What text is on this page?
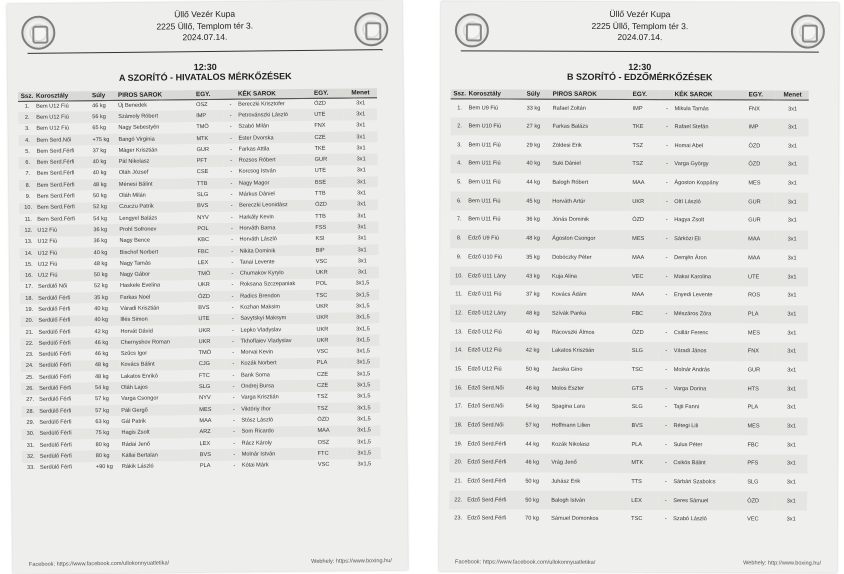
Üllő Vezér Kupa
2225 Üllő, Templom tér 3.
2024.07.14.
12:30
A SZORÍTÓ - HIVATALOS MÉRKŐZÉSEK
Ssz.	Korosztály	Súly	PIROS SAROK	EGY.		KÉK SAROK	EGY.	Menet
1.	Bem U12 Fiú	46 kg	Új Benedek	OSZ	-	Bereczki Krisztofer	ÓZD	3x1
2.	Bem U12 Fiú	56 kg	Számoly Róbert	IMP	-	Petrovánszki László	UTE	3x1
3.	Bem U12 Fiú	65 kg	Nagy Sebestyén	TMÖ	-	Szabó Milán	FNX	3x1
4.	Bem Serd.Női	+75 kg	Bangó Virginia	MTK	-	Ester Dvorska	CZE	3x1
5.	Bem Serd.Férfi	37 kg	Máger Krisztián	GUR	-	Farkas Attila	TKE	3x1
6.	Bem Serd.Férfi	40 kg	Pál Nikolasz	PFT	-	Rozsos Róbert	GUR	3x1
7.	Bem Serd.Férfi	40 kg	Oláh József	CSE	-	Korcsog István	UTE	3x1
8.	Bem Serd.Férfi	48 kg	Ménesi Bálint	TTB	-	Nagy Magor	BSE	3x1
9.	Bem Serd.Férfi	50 kg	Oláh Milán	SLG	-	Márkus Dániel	TTB	3x1
10.	Bem Serd.Férfi	52 kg	Czuczu Patrik	BVS	-	Bereczki Leonidász	ÓZD	3x1
11.	Bem Serd.Férfi	54 kg	Lengyel Balázs	NYV	-	Harkály Kevin	TTB	3x1
12.	U12 Fiú	36 kg	Prohl Sofronev	POL	-	Horváth Barna	FSS	3x1
13.	U12 Fiú	36 kg	Nagy Bence	KBC	-	Horváth László	KSI	3x1
14.	U12 Fiú	40 kg	Bischof Norbert	FBC	-	Nikita Dominik	BIP	3x1
15.	U12 Fiú	48 kg	Nagy Tamás	LEX	-	Tanai Levente	VSC	3x1
16.	U12 Fiú	50 kg	Nagy Gábor	TMÖ	-	Chumakov Kyrylo	UKR	3x1
17.	Serdülő Női	52 kg	Haskele Evelina	UKR	-	Roksana Szczepaniak	POL	3x1,5
18.	Serdülő Férfi	35 kg	Farkas Noel	ÓZD	-	Radics Brendon	TSC	3x1,5
19.	Serdülő Férfi	40 kg	Váradi Krisztián	BVS	-	Kozhan Maksim	UKR	3x1,5
20.	Serdülő Férfi	40 kg	Illés Simon	UTE	-	Savytskyi Maksym	UKR	3x1,5
21.	Serdülő Férfi	42 kg	Horvát Dávid	UKR	-	Lepko Vladyslav	UKR	3x1,5
22.	Serdülő Férfi	46 kg	Chernyshov Roman	UKR	-	Tkhoflaiev Vladyslav	UKR	3x1,5
23.	Serdülő Férfi	46 kg	Szűcs Igor	TMÖ	-	Morvai Kevin	VSC	3x1,5
24.	Serdülő Férfi	48 kg	Kovács Bálint	CJG	-	Kozák Norbert	PLA	3x1,5
25.	Serdülő Férfi	48 kg	Lakatos Enrikó	FTC	-	Bank Soma	CZE	3x1,5
26.	Serdülő Férfi	54 kg	Oláh Lajos	SLG	-	Ondrej Bursa	CZE	3x1,5
27.	Serdülő Férfi	57 kg	Varga Csongor	NYV	-	Varga Krisztián	TSZ	3x1,5
28.	Serdülő Férfi	57 kg	Páli Gergő	MES	-	Viktóriy Ihor	TSZ	3x1,5
29.	Serdülő Férfi	63 kg	Gál Patrik	MAA	-	Stósz László	ÓZD	3x1,5
30.	Serdülő Férfi	75 kg	Hagis Zsolt	ARZ	-	Som Ricardo	MAA	3x1,5
31.	Serdülő Férfi	80 kg	Rádai Jenő	LEX	-	Rácz Károly	OSZ	3x1,5
32.	Serdülő Férfi	80 kg	Kállai Bertalan	BVS	-	Molnár István	FTC	3x1,5
33.	Serdülő Férfi	+90 kg	Rákik László	PLA	-	Kótai Márk	VSC	3x1,5
Facebook: https://www.facebook.com/ullokonnyuatletika/	Webhely: https://www.boxing.hu/
Üllő Vezér Kupa
2225 Üllő, Templom tér 3.
2024.07.14.
12:30
B SZORÍTÓ - EDZŐMÉRKŐZÉSEK
Ssz.	Korosztály	Súly	PIROS SAROK	EGY.		KÉK SAROK	EGY.	Menet
1.	Bem U9 Fiú	33 kg	Rafael Zoltán	IMP	-	Mikula Tamás	FNX	3x1
2.	Bem U10 Fiú	27 kg	Farkas Balázs	TKE	-	Rafael Stefán	IMP	3x1
3.	Bem U11 Fiú	29 kg	Zöldesi Erik	TSZ	-	Homai Abel	ÓZD	3x1
4.	Bem U11 Fiú	40 kg	Suki Dániel	TSZ	-	Varga György	ÓZD	3x1
5.	Bem U11 Fiú	44 kg	Balogh Róbert	MAA	-	Ágoston Koppány	MES	3x1
6.	Bem U11 Fiú	45 kg	Horváth Artúr	UKR	-	Oltí László	GUR	3x1
7.	Bem U11 Fiú	36 kg	Jónás Dominik	ÓZD	-	Hagya Zsolt	GUR	3x1
8.	Edző U9 Fiú	48 kg	Ágoston Csongor	MES	-	Sárközi Eli	MAA	3x1
9.	Edző U10 Fiú	35 kg	Dobóczky Péter	MAA	-	Demjén Áron	MAA	3x1
10.	Edző U11 Lány	43 kg	Kuja Alina	VEC	-	Makai Karolina	UTE	3x1
11.	Edző U11 Fiú	37 kg	Kovács Ádám	MAA	-	Enyedi Levente	ROS	3x1
12.	Edző U12 Lány	48 kg	Szívák Panka	FBC	-	Mészáros Zóra	PLA	3x1
13.	Edző U12 Fiú	40 kg	Rácovszki Álmos	ÓZD	-	Csillár Ferenc	MES	3x1
14.	Edző U12 Fiú	42 kg	Lakatos Krisztián	SLG	-	Váradi János	FNX	3x1
15.	Edző U12 Fiú	50 kg	Jacska Gino	TSC	-	Molnár András	GUR	3x1
16.	Edző Serd.Női	46 kg	Molos Eszter	GTS	-	Varga Dorina	HTS	3x1
17.	Edző Serd.Női	54 kg	Spagina Lara	SLG	-	Tajti Fanni	PLA	3x1
18.	Edző Serd.Női	57 kg	Hoffmann Lilien	BVS	-	Rétegi Lili	MES	3x1
19.	Edző Serd.Férfi	44 kg	Kozák Nikolasz	PLA	-	Sulus Péter	FBC	3x1
20.	Edző Serd.Férfi	46 kg	Vrág Jenő	MTK	-	Csikós Bálint	PFS	3x1
21.	Edző Serd.Férfi	50 kg	Juhász Erik	TTS	-	Sárbári Szabolcs	SLG	3x1
22.	Edző Serd.Férfi	50 kg	Balogh István	LEX	-	Seres Sámuel	ÓZD	3x1
23.	Edző Serd.Férfi	70 kg	Sámuel Domonkos	TSC	-	Szabó László	VEC	3x1
Facebook: https://www.facebook.com/ullokonnyuatletika/	Webhely: http://www.boxing.hu/
